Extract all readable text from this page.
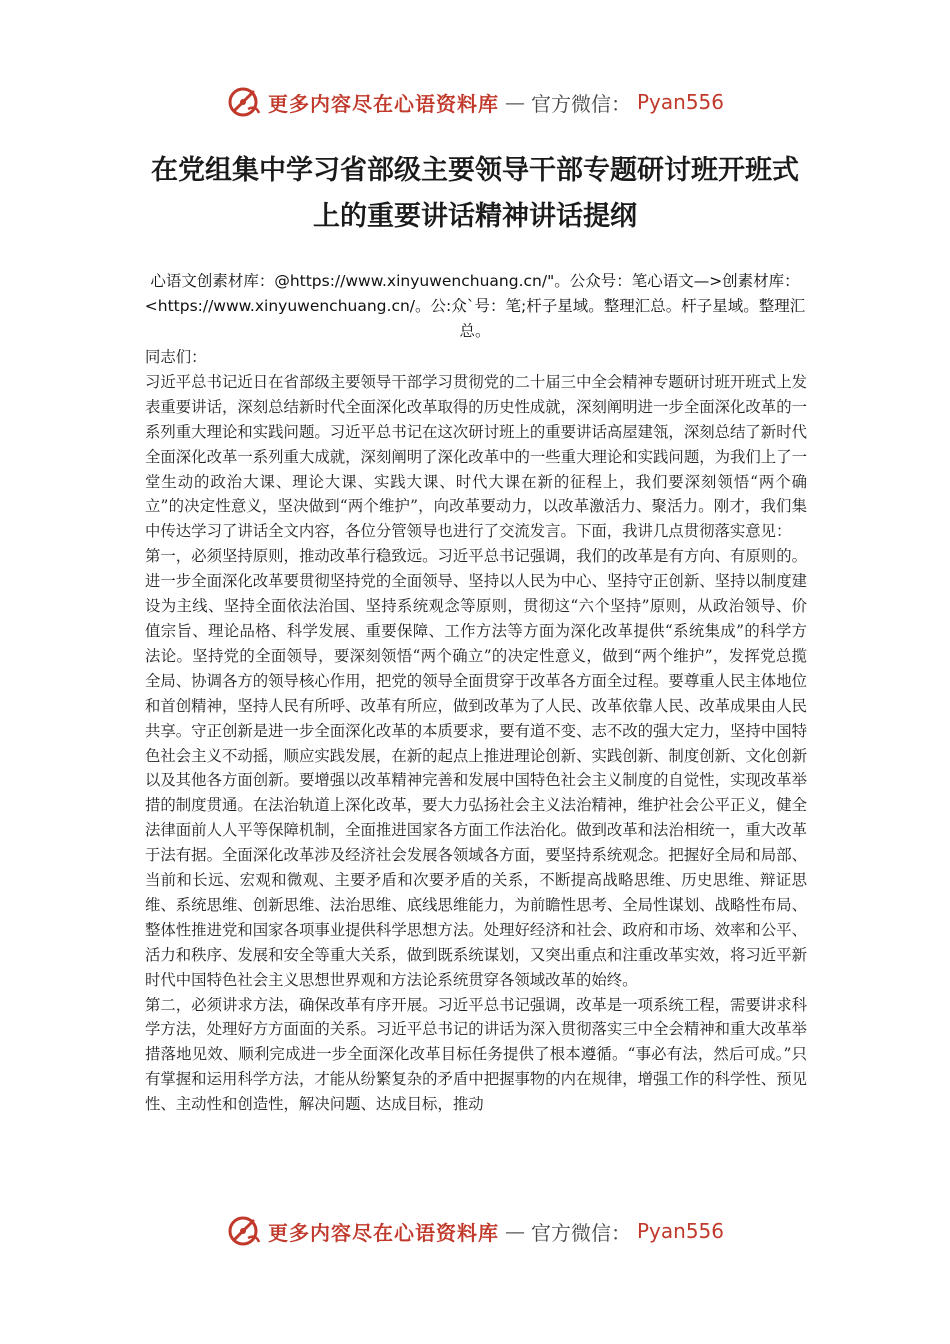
更多内容尽在心语资料库 — 官方微信： Pyan556
在党组集中学习省部级主要领导干部专题研讨班开班式上的重要讲话精神讲话提纲

心语文创素材库：@https://www.xinyuwenchuang.cn/"。公众号：笔心语文—>创素材库：<https://www.xinyuwenchuang.cn/。公:众`号：笔;杆子星域。整理汇总。杆子星域。整理汇总。

同志们：

习近平总书记近日在省部级主要领导干部学习贯彻党的二十届三中全会精神专题研讨班开班式上发表重要讲话，深刻总结新时代全面深化改革取得的历史性成就，深刻阐明进一步全面深化改革的一系列重大理论和实践问题。习近平总书记在这次研讨班上的重要讲话高屋建瓴，深刻总结了新时代全面深化改革一系列重大成就，深刻阐明了深化改革中的一些重大理论和实践问题，为我们上了一堂生动的政治大课、理论大课、实践大课、时代大课在新的征程上，我们要深刻领悟“两个确立”的决定性意义，坚决做到“两个维护”，向改革要动力，以改革激活力、聚活力。刚才，我们集中传达学习了讲话全文内容，各位分管领导也进行了交流发言。下面，我讲几点贯彻落实意见：

第一，必须坚持原则，推动改革行稳致远。习近平总书记强调，我们的改革是有方向、有原则的。进一步全面深化改革要贯彻坚持党的全面领导、坚持以人民为中心、坚持守正创新、坚持以制度建设为主线、坚持全面依法治国、坚持系统观念等原则，贯彻这“六个坚持”原则，从政治领导、价值宗旨、理论品格、科学发展、重要保障、工作方法等方面为深化改革提供“系统集成”的科学方法论。坚持党的全面领导，要深刻领悟“两个确立”的决定性意义，做到“两个维护”，发挥党总揽全局、协调各方的领导核心作用，把党的领导全面贯穿于改革各方面全过程。要尊重人民主体地位和首创精神，坚持人民有所呼、改革有所应，做到改革为了人民、改革依靠人民、改革成果由人民共享。守正创新是进一步全面深化改革的本质要求，要有道不变、志不改的强大定力，坚持中国特色社会主义不动摇，顺应实践发展，在新的起点上推进理论创新、实践创新、制度创新、文化创新以及其他各方面创新。要增强以改革精神完善和发展中国特色社会主义制度的自觉性，实现改革举措的制度贯通。在法治轨道上深化改革，要大力弘扬社会主义法治精神，维护社会公平正义，健全法律面前人人平等保障机制，全面推进国家各方面工作法治化。做到改革和法治相统一，重大改革于法有据。全面深化改革涉及经济社会发展各领域各方面，要坚持系统观念。把握好全局和局部、当前和长远、宏观和微观、主要矛盾和次要矛盾的关系，不断提高战略思维、历史思维、辩证思维、系统思维、创新思维、法治思维、底线思维能力，为前瞻性思考、全局性谋划、战略性布局、整体性推进党和国家各项事业提供科学思想方法。处理好经济和社会、政府和市场、效率和公平、活力和秩序、发展和安全等重大关系，做到既系统谋划，又突出重点和注重改革实效，将习近平新时代中国特色社会主义思想世界观和方法论系统贯穿各领域改革的始终。

第二，必须讲求方法，确保改革有序开展。习近平总书记强调，改革是一项系统工程，需要讲求科学方法，处理好方方面面的关系。习近平总书记的讲话为深入贯彻落实三中全会精神和重大改革举措落地见效、顺利完成进一步全面深化改革目标任务提供了根本遵循。“事必有法，然后可成。”只有掌握和运用科学方法，才能从纷繁复杂的矛盾中把握事物的内在规律，增强工作的科学性、预见性、主动性和创造性，解决问题、达成目标，推动

更多内容尽在心语资料库 — 官方微信： Pyan556
